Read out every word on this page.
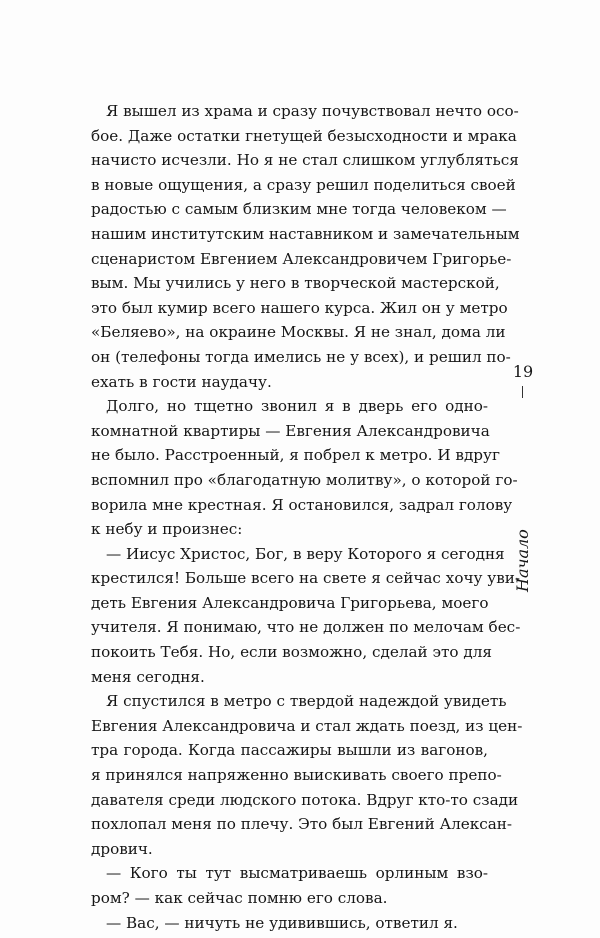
Я вышел из храма и сразу почувствовал нечто осо-
бое. Даже остатки гнетущей безысходности и мрака
начисто исчезли. Но я не стал слишком углубляться
в новые ощущения, а сразу решил поделиться своей
радостью с самым близким мне тогда человеком —
нашим институтским наставником и замечательным
сценаристом Евгением Александровичем Григорье-
вым. Мы учились у него в творческой мастерской,
это был кумир всего нашего курса. Жил он у метро
«Беляево», на окраине Москвы. Я не знал, дома ли
он (телефоны тогда имелись не у всех), и решил по-
ехать в гости наудачу.
Долго, но тщетно звонил я в дверь его одно-
комнатной квартиры — Евгения Александровича
не было. Расстроенный, я побрел к метро. И вдруг
вспомнил про «благодатную молитву», о которой го-
ворила мне крестная. Я остановился, задрал голову
к небу и произнес:
— Иисус Христос, Бог, в веру Которого я сегодня
крестился! Больше всего на свете я сейчас хочу уви-
деть Евгения Александровича Григорьева, моего
учителя. Я понимаю, что не должен по мелочам бес-
покоить Тебя. Но, если возможно, сделай это для
меня сегодня.
Я спустился в метро с твердой надеждой увидеть
Евгения Александровича и стал ждать поезд, из цен-
тра города. Когда пассажиры вышли из вагонов,
я принялся напряженно выискивать своего препо-
давателя среди людского потока. Вдруг кто-то сзади
похлопал меня по плечу. Это был Евгений Алексан-
дрович.
— Кого ты тут высматриваешь орлиным взо-
ром? — как сейчас помню его слова.
— Вас, — ничуть не удивившись, ответил я.
19
Начало
